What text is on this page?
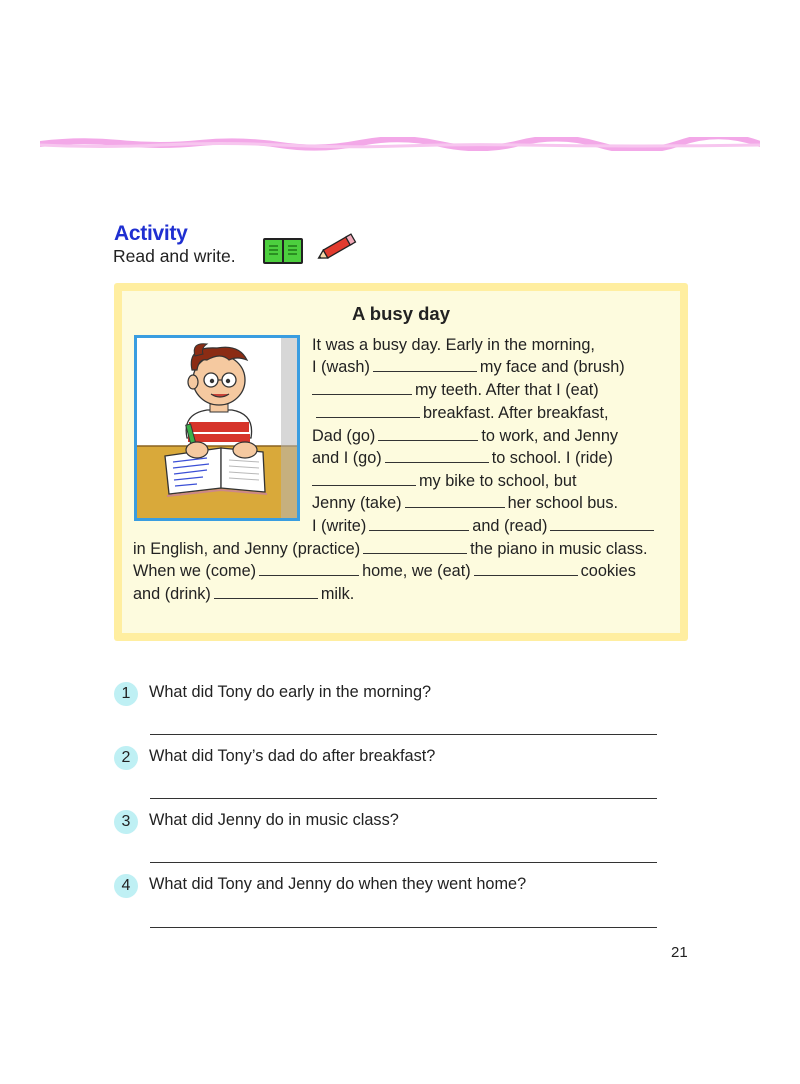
Activity
Read and write.
A busy day
It was a busy day. Early in the morning,
I (wash)	my face and (brush)
my teeth. After that I (eat)
breakfast. After breakfast,
Dad (go)	to work, and Jenny
and I (go)	to school. I (ride)
my bike to school, but
Jenny (take)	her school bus.
I (write)	and (read)
in English, and Jenny (practice)	the piano in music class.
When we (come)	home, we (eat)	cookies
and (drink)	milk.
1	What did Tony do early in the morning?
2	What did Tony’s dad do after breakfast?
3	What did Jenny do in music class?
4	What did Tony and Jenny do when they went home?
21
